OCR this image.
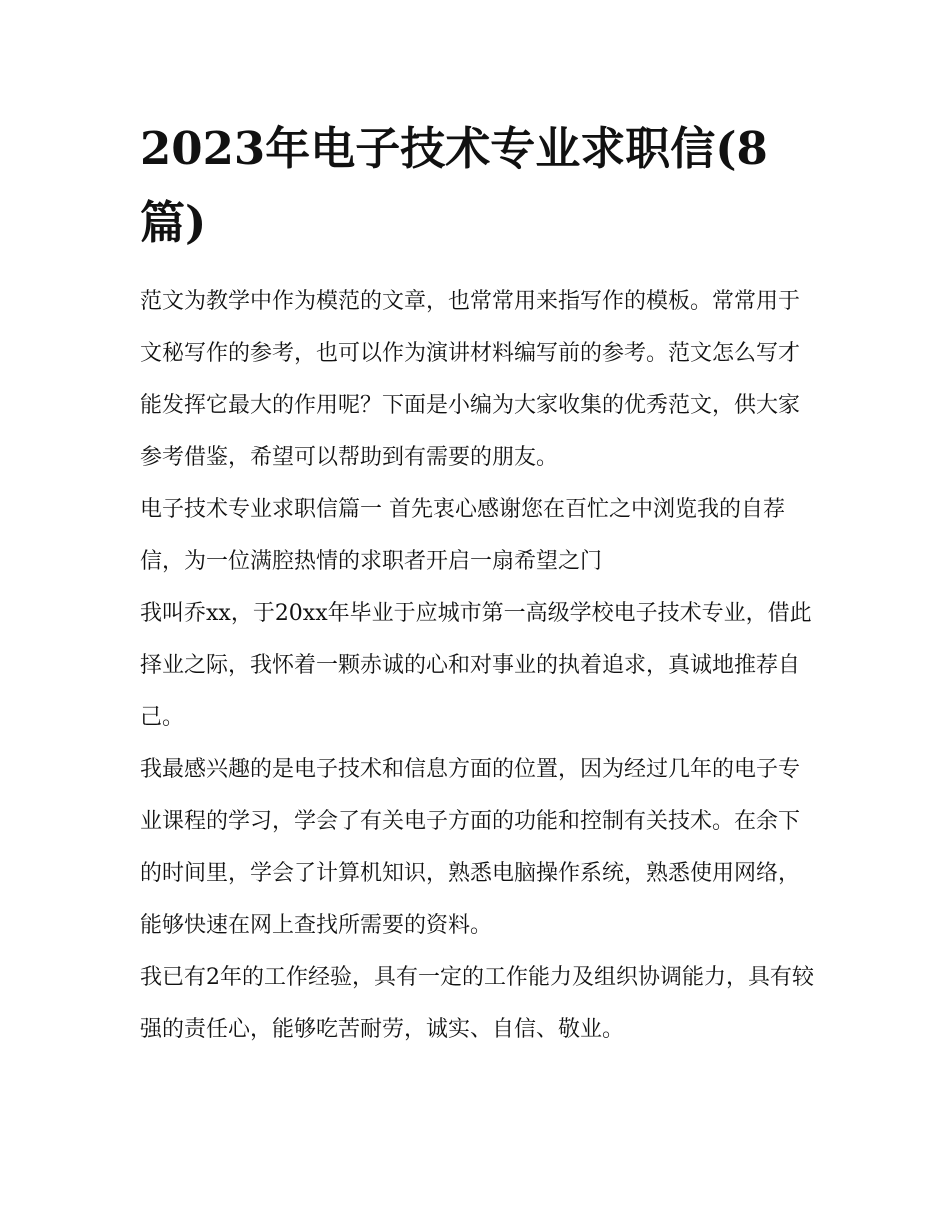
2023年电子技术专业求职信(8篇)

范文为教学中作为模范的文章，也常常用来指写作的模板。常常用于文秘写作的参考，也可以作为演讲材料编写前的参考。范文怎么写才能发挥它最大的作用呢？下面是小编为大家收集的优秀范文，供大家参考借鉴，希望可以帮助到有需要的朋友。

电子技术专业求职信篇一 首先衷心感谢您在百忙之中浏览我的自荐信，为一位满腔热情的求职者开启一扇希望之门

我叫乔xx，于20xx年毕业于应城市第一高级学校电子技术专业，借此择业之际，我怀着一颗赤诚的心和对事业的执着追求，真诚地推荐自己。

我最感兴趣的是电子技术和信息方面的位置，因为经过几年的电子专业课程的学习，学会了有关电子方面的功能和控制有关技术。在余下的时间里，学会了计算机知识，熟悉电脑操作系统，熟悉使用网络，能够快速在网上查找所需要的资料。

我已有2年的工作经验，具有一定的工作能力及组织协调能力，具有较强的责任心，能够吃苦耐劳，诚实、自信、敬业。
